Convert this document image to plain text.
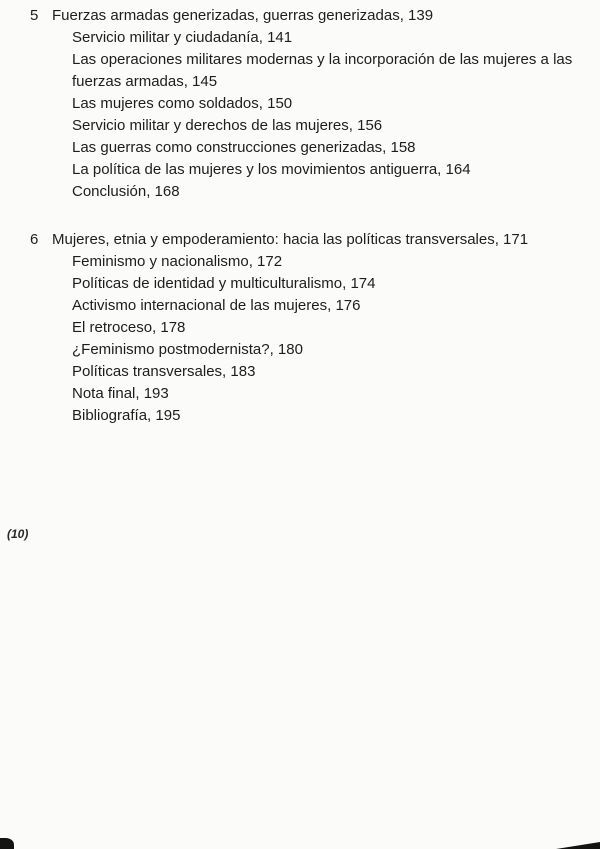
5 Fuerzas armadas generizadas, guerras generizadas, 139
Servicio militar y ciudadanía, 141
Las operaciones militares modernas y la incorporación de las mujeres a las fuerzas armadas, 145
Las mujeres como soldados, 150
Servicio militar y derechos de las mujeres, 156
Las guerras como construcciones generizadas, 158
La política de las mujeres y los movimientos antiguerra, 164
Conclusión, 168
6 Mujeres, etnia y empoderamiento: hacia las políticas transversales, 171
Feminismo y nacionalismo, 172
Políticas de identidad y multiculturalismo, 174
Activismo internacional de las mujeres, 176
El retroceso, 178
¿Feminismo postmodernista?, 180
Políticas transversales, 183
Nota final, 193
Bibliografía, 195
(10)
